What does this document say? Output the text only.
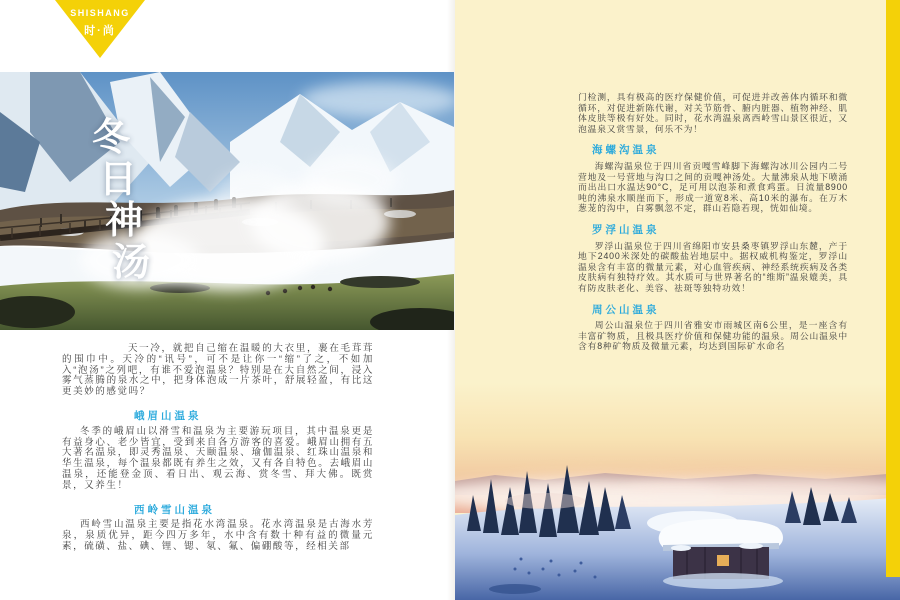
SHISHANG
时·尚
冬
日
神
汤

天一冷，就把自己缩在温暖的大衣里，裹在毛茸茸的围巾中。天冷的“讯号”，可不是让你一“缩”了之，不如加入“泡汤”之列吧，有谁不爱泡温泉？特别是在大自然之间，浸入雾气蒸腾的泉水之中，把身体泡成一片茶叶，舒展轻盈，有比这更美妙的感觉吗？

峨眉山温泉

冬季的峨眉山以滑雪和温泉为主要游玩项目，其中温泉更是有益身心、老少皆宜，受到来自各方游客的喜爱。峨眉山拥有五大著名温泉，即灵秀温泉、天颐温泉、瑜伽温泉、红珠山温泉和华生温泉，每个温泉都既有养生之效，又有各自特色。去峨眉山温泉，还能登金顶、看日出、观云海、赏冬雪、拜大佛。既赏景，又养生！

西岭雪山温泉

西岭雪山温泉主要是指花水湾温泉。花水湾温泉是古海水芳泉，泉质优异，距今四万多年，水中含有数十种有益的微量元素，硫磺、盐、碘、锂、锶、氡、氟、偏硼酸等，经相关部

门检测，具有极高的医疗保健价值，可促进并改善体内循环和微循环，对促进新陈代谢，对关节筋骨、腑内脏器、植物神经、肌体皮肤等极有好处。同时，花水湾温泉离西岭雪山景区很近，又泡温泉又赏雪景，何乐不为！

海螺沟温泉

海螺沟温泉位于四川省贡嘎雪峰脚下海螺沟冰川公园内二号营地及一号营地与沟口之间的贡嘎神汤处。大量沸泉从地下喷涌而出出口水温达90°C，足可用以泡茶和煮食鸡蛋。日流量8900吨的沸泉水顺崖而下，形成一道宽8米、高10米的瀑布。在万木葱茏的沟中，白雾飘忽不定，群山若隐若现，恍如仙境。

罗浮山温泉

罗浮山温泉位于四川省绵阳市安县桑枣镇罗浮山东麓，产于地下2400米深处的碳酸盐岩地层中。据权威机构鉴定，罗浮山温泉含有丰富的微量元素，对心血管疾病、神经系统疾病及各类皮肤病有独特疗效。其水质可与世界著名的“维斯”温泉媲美，具有防皮肤老化、美容、祛斑等独特功效！

周公山温泉

周公山温泉位于四川省雅安市雨城区南6公里，是一座含有丰富矿物质，且极具医疗价值和保健功能的温泉。周公山温泉中含有8种矿物质及微量元素，均达到国际矿水命名
